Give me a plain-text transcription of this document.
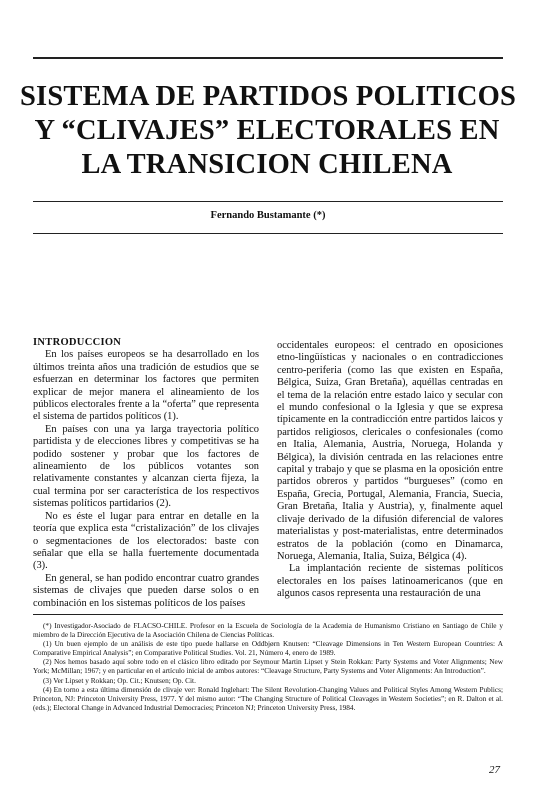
SISTEMA DE PARTIDOS POLITICOS
Y “CLIVAJES” ELECTORALES EN
LA TRANSICION CHILENA
Fernando Bustamante (*)

INTRODUCCION

En los países europeos se ha desarrollado en los últimos treinta años una tradición de estudios que se esfuerzan en determinar los factores que permiten explicar de mejor manera el alineamiento de los públicos electorales frente a la “oferta” que representa el sistema de partidos políticos (1).

En países con una ya larga trayectoria político partidista y de elecciones libres y competitivas se ha podido sostener y probar que los factores de alineamiento de los públicos votantes son relativamente constantes y alcanzan cierta fijeza, la cual termina por ser característica de los respectivos sistemas políticos partidarios (2).

No es éste el lugar para entrar en detalle en la teoría que explica esta “cristalización” de los clivajes o segmentaciones de los electorados: baste con señalar que ella se halla fuertemente documentada (3).

En general, se han podido encontrar cuatro grandes sistemas de clivajes que pueden darse solos o en combinación en los sistemas políticos de los países

occidentales europeos: el centrado en oposiciones etno-lingüísticas y nacionales o en contradicciones centro-periferia (como las que existen en España, Bélgica, Suiza, Gran Bretaña), aquéllas centradas en el tema de la relación entre estado laico y secular con el mundo confesional o la Iglesia y que se expresa típicamente en la contradicción entre partidos laicos y partidos religiosos, clericales o confesionales (como en Italia, Alemania, Austria, Noruega, Holanda y Bélgica), la división centrada en las relaciones entre capital y trabajo y que se plasma en la oposición entre partidos obreros y partidos “burgueses” (como en España, Grecia, Portugal, Alemania, Francia, Suecia, Gran Bretaña, Italia y Austria), y, finalmente aquel clivaje derivado de la difusión diferencial de valores materialistas y post-materialistas, entre determinados estratos de la población (como en Dinamarca, Noruega, Alemania, Italia, Suiza, Bélgica (4).

La implantación reciente de sistemas políticos electorales en los países latinoamericanos (que en algunos casos representa una restauración de una

(*) Investigador-Asociado de FLACSO-CHILE. Profesor en la Escuela de Sociología de la Academia de Humanismo Cristiano en Santiago de Chile y miembro de la Dirección Ejecutiva de la Asociación Chilena de Ciencias Políticas.

(1) Un buen ejemplo de un análisis de este tipo puede hallarse en Oddbjørn Knutsen: “Cleavage Dimensions in Ten Western European Countries: A Comparative Empirical Analysis”; en Comparative Political Studies. Vol. 21, Número 4, enero de 1989.

(2) Nos hemos basado aquí sobre todo en el clásico libro editado por Seymour Martin Lipset y Stein Rokkan: Party Systems and Voter Alignments; New York; McMillan; 1967; y en particular en el artículo inicial de ambos autores: “Cleavage Structure, Party Systems and Voter Alignments: An Introduction”.

(3) Ver Lipset y Rokkan; Op. Cit.; Knutsen; Op. Cit.

(4) En torno a esta última dimensión de clivaje ver: Ronald Inglehart: The Silent Revolution-Changing Values and Political Styles Among Western Publics; Princeton, NJ: Princeton University Press, 1977. Y del mismo autor: “The Changing Structure of Political Cleavages in Western Societies”; en R. Dalton et al. (eds.); Electoral Change in Advanced Industrial Democracies; Princeton NJ; Princeton University Press, 1984.

27
